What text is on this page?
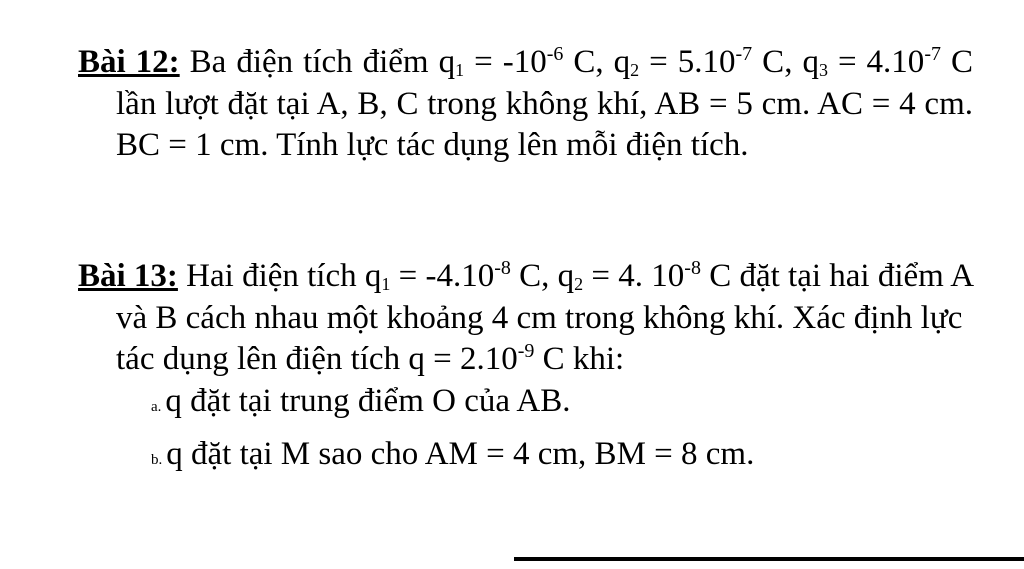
Bài 12: Ba điện tích điểm $q_1 = -10^{-6}$ C, $q_2 = 5.10^{-7}$ C, $q_3 = 4.10^{-7}$ C lần lượt đặt tại A, B, C trong không khí, AB = 5 cm. AC = 4 cm. BC = 1 cm. Tính lực tác dụng lên mỗi điện tích.

Bài 13: Hai điện tích $q_1 = -4.10^{-8}$ C, $q_2 = 4$. $10^{-8}$ C đặt tại hai điểm A và B cách nhau một khoảng 4 cm trong không khí. Xác định lực tác dụng lên điện tích $q = 2.10^{-9}$ C khi:

a. q đặt tại trung điểm O của AB.

b. q đặt tại M sao cho AM = 4 cm, BM = 8 cm.
